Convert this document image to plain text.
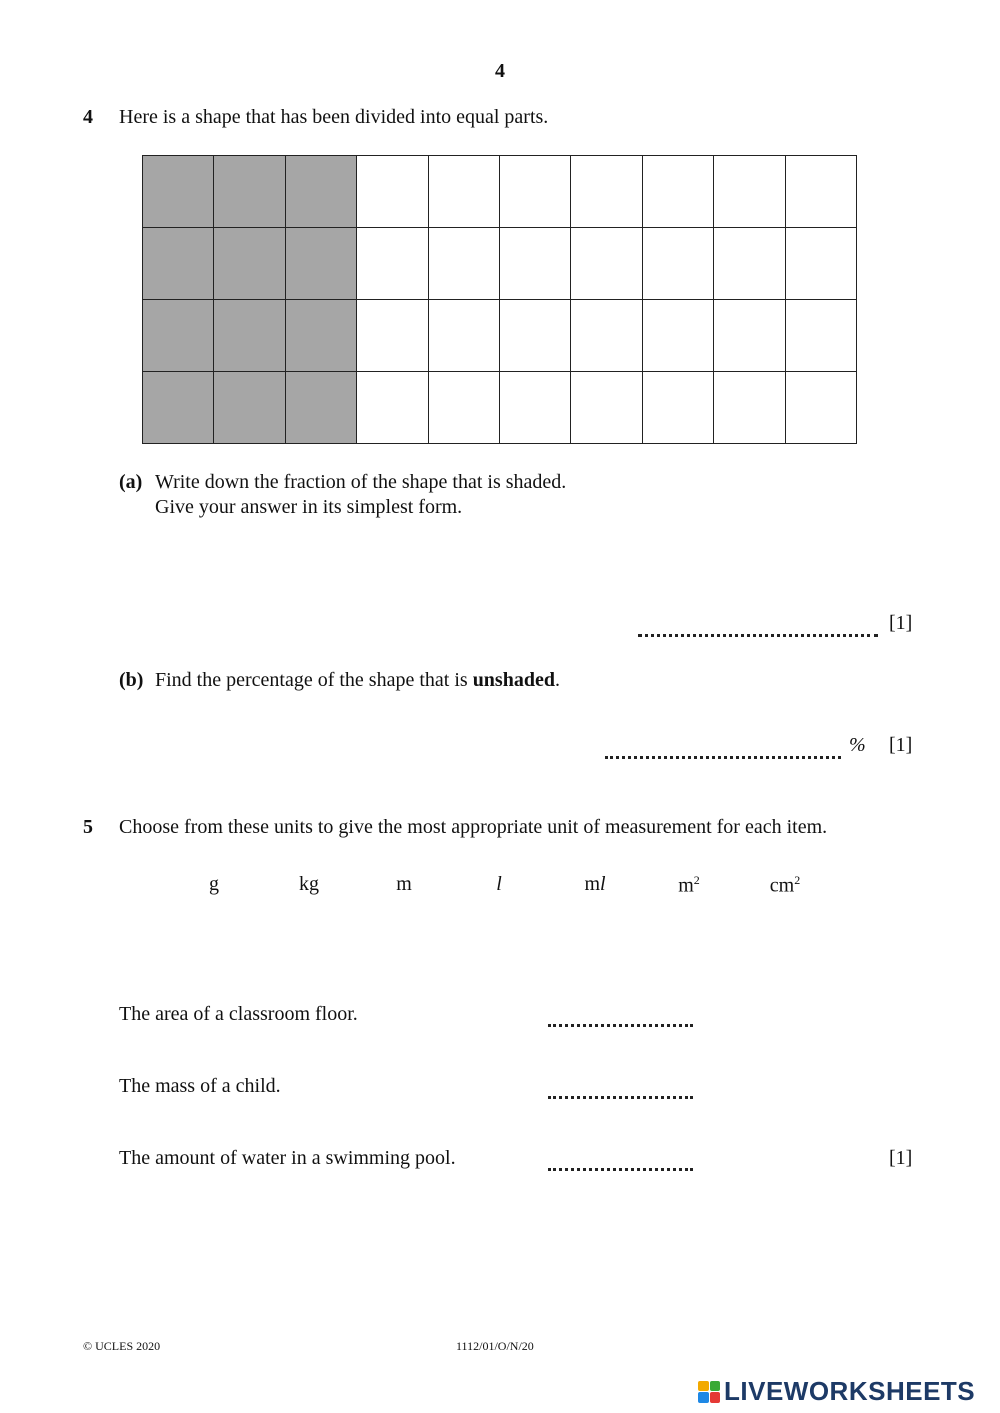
4
4 Here is a shape that has been divided into equal parts.
(a) Write down the fraction of the shape that is shaded.
Give your answer in its simplest form.
[1]
(b) Find the percentage of the shape that is unshaded.
% [1]
5 Choose from these units to give the most appropriate unit of measurement for each item.
g	kg	m	l	ml	$m^2$	$cm^2$
The area of a classroom floor.
The mass of a child.
The amount of water in a swimming pool.	[1]
© UCLES 2020	1112/01/O/N/20
LIVEWORKSHEETS
